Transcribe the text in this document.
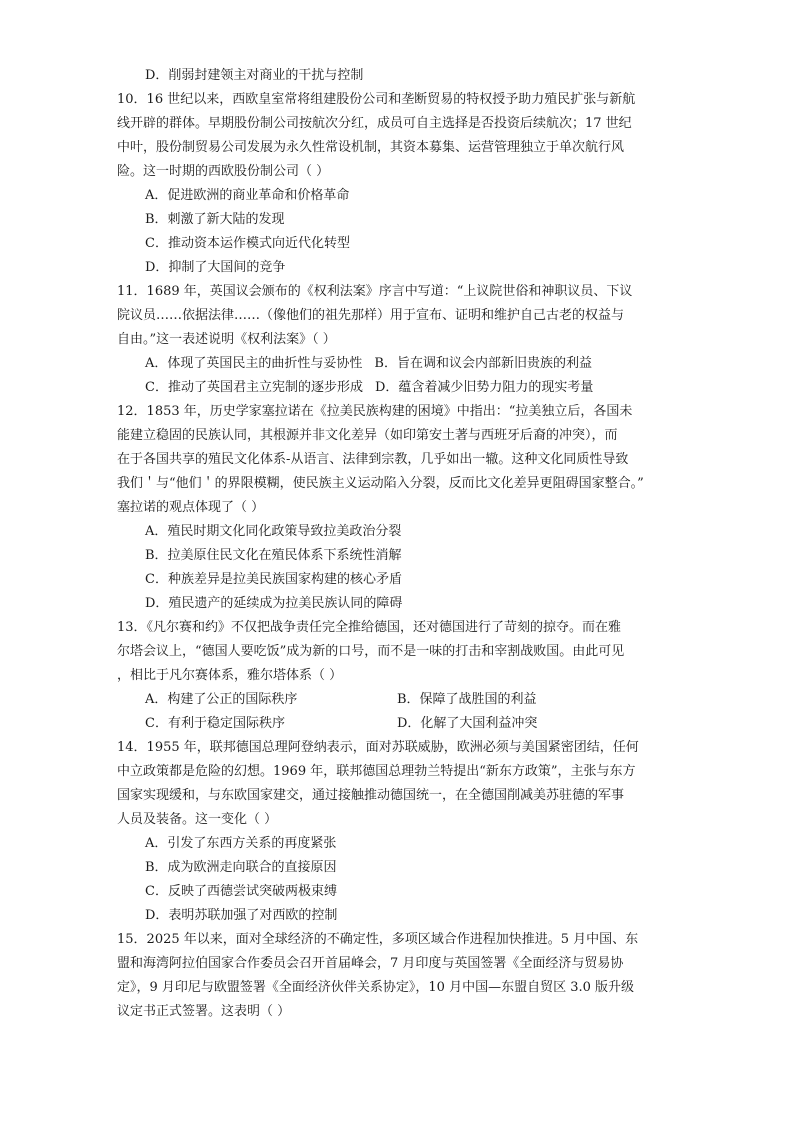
D．削弱封建领主对商业的干扰与控制
10．16 世纪以来，西欧皇室常将组建股份公司和垄断贸易的特权授予助力殖民扩张与新航
线开辟的群体。早期股份制公司按航次分红，成员可自主选择是否投资后续航次；17 世纪
中叶，股份制贸易公司发展为永久性常设机制，其资本募集、运营管理独立于单次航行风
险。这一时期的西欧股份制公司（ ）
A．促进欧洲的商业革命和价格革命
B．刺激了新大陆的发现
C．推动资本运作模式向近代化转型
D．抑制了大国间的竞争
11．1689 年，英国议会颁布的《权利法案》序言中写道：“上议院世俗和神职议员、下议
院议员……依据法律……（像他们的祖先那样）用于宣布、证明和维护自己古老的权益与
自由。”这一表述说明《权利法案》（ ）
A．体现了英国民主的曲折性与妥协性 B．旨在调和议会内部新旧贵族的利益
C．推动了英国君主立宪制的逐步形成 D．蕴含着减少旧势力阻力的现实考量
12．1853 年，历史学家塞拉诺在《拉美民族构建的困境》中指出：“拉美独立后，各国未
能建立稳固的民族认同，其根源并非文化差异（如印第安土著与西班牙后裔的冲突），而
在于各国共享的殖民文化体系-从语言、法律到宗教，几乎如出一辙。这种文化同质性导致
我们＇与“他们＇的界限模糊，使民族主义运动陷入分裂，反而比文化差异更阻碍国家整合。”
塞拉诺的观点体现了（ ）
A．殖民时期文化同化政策导致拉美政治分裂
B．拉美原住民文化在殖民体系下系统性消解
C．种族差异是拉美民族国家构建的核心矛盾
D．殖民遗产的延续成为拉美民族认同的障碍
13．《凡尔赛和约》不仅把战争责任完全推给德国，还对德国进行了苛刻的掠夺。而在雅
尔塔会议上，“德国人要吃饭”成为新的口号，而不是一味的打击和宰割战败国。由此可见
，相比于凡尔赛体系，雅尔塔体系（ ）
A．构建了公正的国际秩序	B．保障了战胜国的利益
C．有利于稳定国际秩序	D．化解了大国利益冲突
14．1955 年，联邦德国总理阿登纳表示，面对苏联威胁，欧洲必须与美国紧密团结，任何
中立政策都是危险的幻想。1969 年，联邦德国总理勃兰特提出“新东方政策”，主张与东方
国家实现缓和，与东欧国家建交，通过接触推动德国统一，在全德国削减美苏驻德的军事
人员及装备。这一变化（ ）
A．引发了东西方关系的再度紧张
B．成为欧洲走向联合的直接原因
C．反映了西德尝试突破两极束缚
D．表明苏联加强了对西欧的控制
15．2025 年以来，面对全球经济的不确定性，多项区域合作进程加快推进。5 月中国、东
盟和海湾阿拉伯国家合作委员会召开首届峰会，7 月印度与英国签署《全面经济与贸易协
定》，9 月印尼与欧盟签署《全面经济伙伴关系协定》，10 月中国—东盟自贸区 3.0 版升级
议定书正式签署。这表明（ ）
